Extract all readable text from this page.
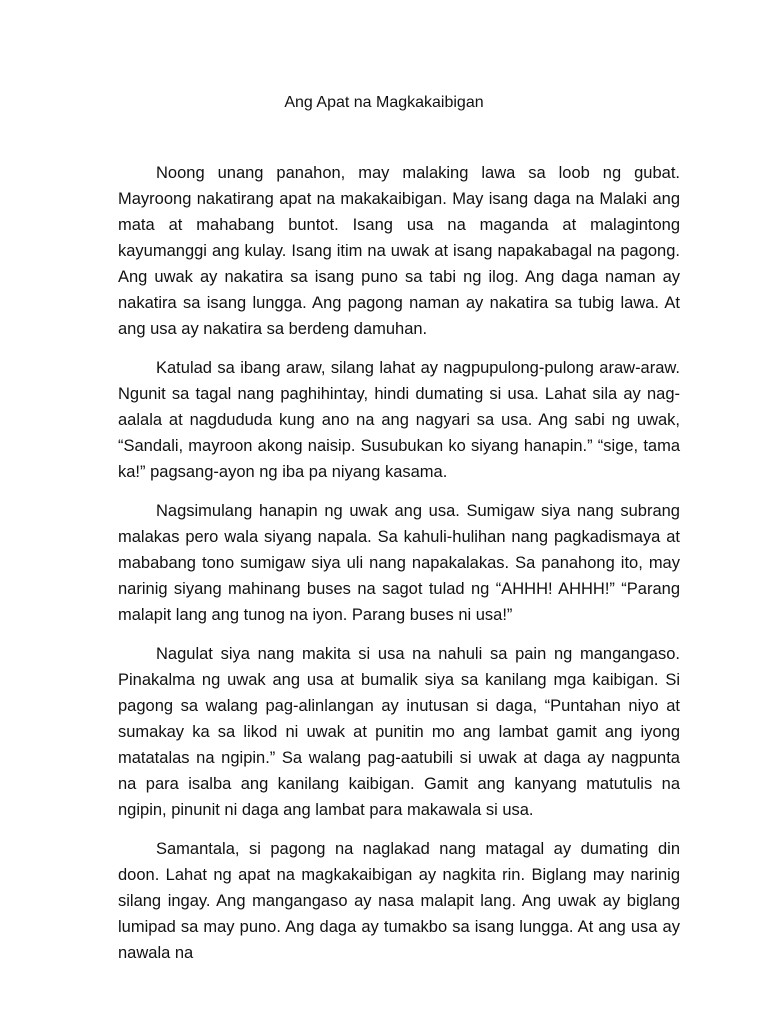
Ang Apat na Magkakaibigan

Noong unang panahon, may malaking lawa sa loob ng gubat. Mayroong nakatirang apat na makakaibigan. May isang daga na Malaki ang mata at mahabang buntot. Isang usa na maganda at malagintong kayumanggi ang kulay. Isang itim na uwak at isang napakabagal na pagong. Ang uwak ay nakatira sa isang puno sa tabi ng ilog. Ang daga naman ay nakatira sa isang lungga. Ang pagong naman ay nakatira sa tubig lawa. At ang usa ay nakatira sa berdeng damuhan.

Katulad sa ibang araw, silang lahat ay nagpupulong-pulong araw-araw. Ngunit sa tagal nang paghihintay, hindi dumating si usa. Lahat sila ay nag-aalala at nagdududa kung ano na ang nagyari sa usa. Ang sabi ng uwak, “Sandali, mayroon akong naisip. Susubukan ko siyang hanapin.” “sige, tama ka!” pagsang-ayon ng iba pa niyang kasama.

Nagsimulang hanapin ng uwak ang usa. Sumigaw siya nang subrang malakas pero wala siyang napala. Sa kahuli-hulihan nang pagkadismaya at mababang tono sumigaw siya uli nang napakalakas. Sa panahong ito, may narinig siyang mahinang buses na sagot tulad ng “AHHH! AHHH!” “Parang malapit lang ang tunog na iyon. Parang buses ni usa!”

Nagulat siya nang makita si usa na nahuli sa pain ng mangangaso. Pinakalma ng uwak ang usa at bumalik siya sa kanilang mga kaibigan. Si pagong sa walang pag-alinlangan ay inutusan si daga, “Puntahan niyo at sumakay ka sa likod ni uwak at punitin mo ang lambat gamit ang iyong matatalas na ngipin.” Sa walang pag-aatubili si uwak at daga ay nagpunta na para isalba ang kanilang kaibigan. Gamit ang kanyang matutulis na ngipin, pinunit ni daga ang lambat para makawala si usa.

Samantala, si pagong na naglakad nang matagal ay dumating din doon. Lahat ng apat na magkakaibigan ay nagkita rin. Biglang may narinig silang ingay. Ang mangangaso ay nasa malapit lang. Ang uwak ay biglang lumipad sa may puno. Ang daga ay tumakbo sa isang lungga. At ang usa ay nawala na
